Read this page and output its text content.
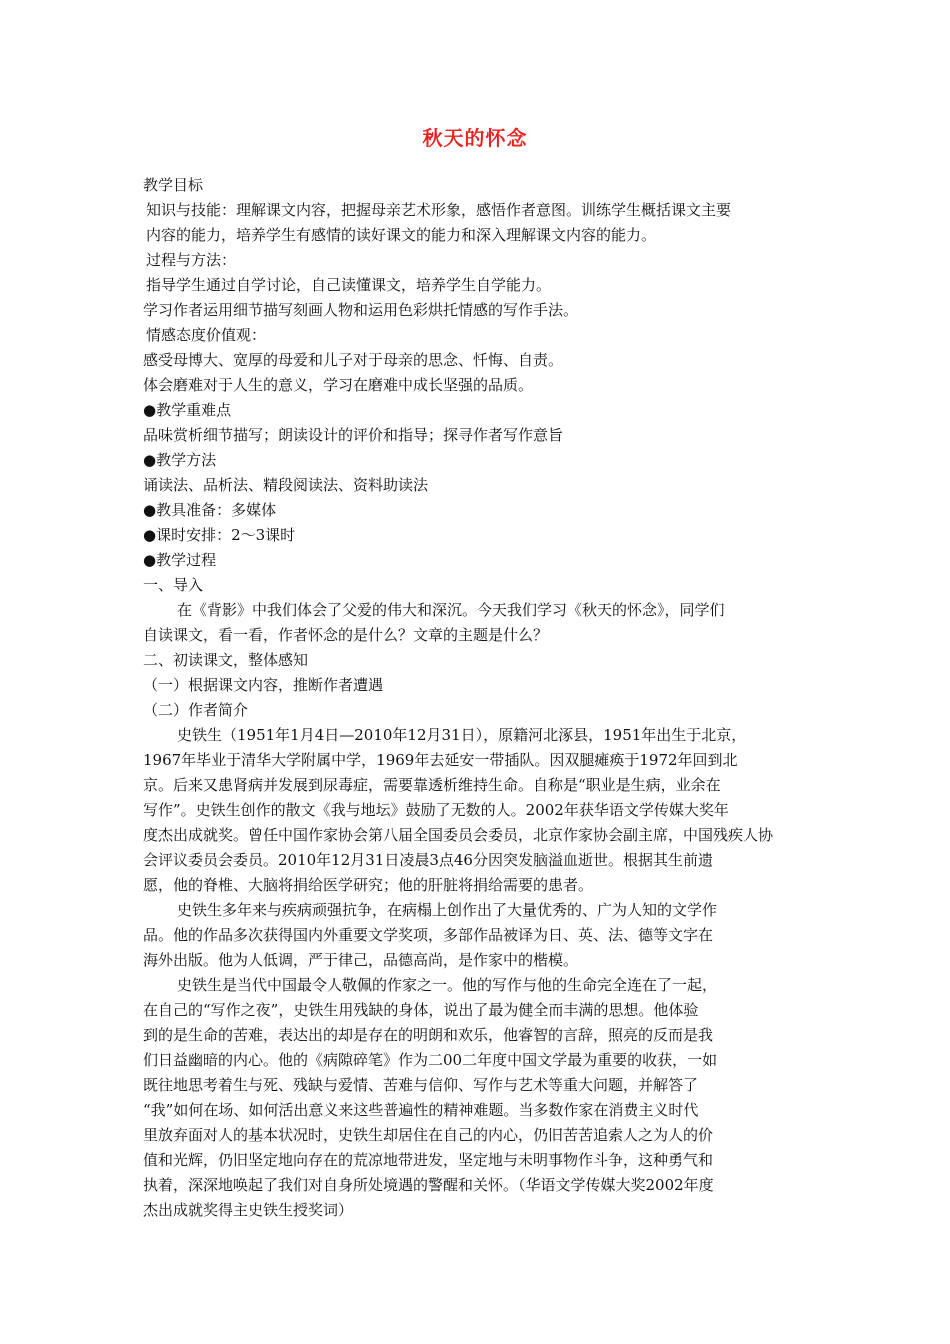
秋天的怀念
教学目标
知识与技能：理解课文内容，把握母亲艺术形象，感悟作者意图。训练学生概括课文主要
内容的能力，培养学生有感情的读好课文的能力和深入理解课文内容的能力。
过程与方法：
指导学生通过自学讨论，自己读懂课文，培养学生自学能力。
学习作者运用细节描写刻画人物和运用色彩烘托情感的写作手法。
情感态度价值观：
感受母博大、宽厚的母爱和儿子对于母亲的思念、忏悔、自责。
体会磨难对于人生的意义，学习在磨难中成长坚强的品质。
●教学重难点
品味赏析细节描写；朗读设计的评价和指导；探寻作者写作意旨
●教学方法
诵读法、品析法、精段阅读法、资料助读法
●教具准备：多媒体
●课时安排：2～3课时
●教学过程
一、导入
在《背影》中我们体会了父爱的伟大和深沉。今天我们学习《秋天的怀念》，同学们
自读课文，看一看，作者怀念的是什么？文章的主题是什么？
二、初读课文，整体感知
（一）根据课文内容，推断作者遭遇
（二）作者简介
史铁生（1951年1月4日—2010年12月31日），原籍河北涿县，1951年出生于北京，
1967年毕业于清华大学附属中学，1969年去延安一带插队。因双腿瘫痪于1972年回到北
京。后来又患肾病并发展到尿毒症，需要靠透析维持生命。自称是“职业是生病，业余在
写作”。史铁生创作的散文《我与地坛》鼓励了无数的人。2002年获华语文学传媒大奖年
度杰出成就奖。曾任中国作家协会第八届全国委员会委员，北京作家协会副主席，中国残疾人协
会评议委员会委员。2010年12月31日凌晨3点46分因突发脑溢血逝世。根据其生前遗
愿，他的脊椎、大脑将捐给医学研究；他的肝脏将捐给需要的患者。
史铁生多年来与疾病顽强抗争，在病榻上创作出了大量优秀的、广为人知的文学作
品。他的作品多次获得国内外重要文学奖项，多部作品被译为日、英、法、德等文字在
海外出版。他为人低调，严于律己，品德高尚，是作家中的楷模。
史铁生是当代中国最令人敬佩的作家之一。他的写作与他的生命完全连在了一起，
在自己的“写作之夜”，史铁生用残缺的身体，说出了最为健全而丰满的思想。他体验
到的是生命的苦难，表达出的却是存在的明朗和欢乐，他睿智的言辞，照亮的反而是我
们日益幽暗的内心。他的《病隙碎笔》作为二00二年度中国文学最为重要的收获，一如
既往地思考着生与死、残缺与爱情、苦难与信仰、写作与艺术等重大问题，并解答了
“我”如何在场、如何活出意义来这些普遍性的精神难题。当多数作家在消费主义时代
里放弃面对人的基本状况时，史铁生却居住在自己的内心，仍旧苦苦追索人之为人的价
值和光辉，仍旧坚定地向存在的荒凉地带进发，坚定地与未明事物作斗争，这种勇气和
执着，深深地唤起了我们对自身所处境遇的警醒和关怀。（华语文学传媒大奖2002年度
杰出成就奖得主史铁生授奖词）
